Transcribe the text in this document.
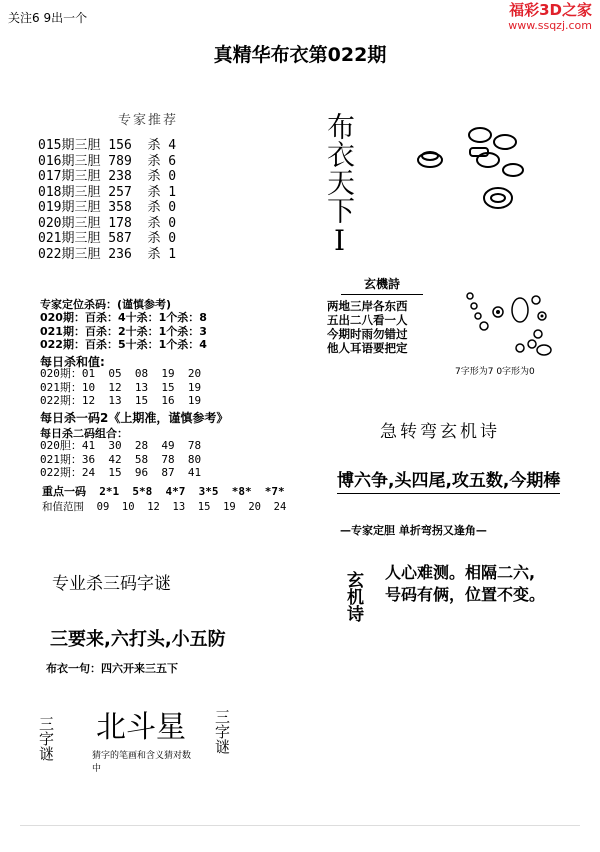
关注6 9出一个	福彩3D之家
www.ssqzj.com
真精华布衣第022期
专家推荐
015期三胆 156  杀 4
016期三胆 789  杀 6
017期三胆 238  杀 0
018期三胆 257  杀 1
019期三胆 358  杀 0
020期三胆 178  杀 0
021期三胆 587  杀 0
022期三胆 236  杀 1
专家定位杀码：(谨慎参考)
020期：百杀：4十杀：1个杀：8
021期：百杀：2十杀：1个杀：3
022期：百杀：5十杀：1个杀：4
每日杀和值:
020期：01  05  08  19  20
021期：10  12  13  15  19
022期：12  13  15  16  19
每日杀一码2《上期准，谨慎参考》
每日杀二码组合：
020胆：41  30  28  49  78
021期：36  42  58  78  80
022期：24  15  96  87  41
重点一码  2*1  5*8  4*7  3*5  *8*  *7*
和值范围  09  10  12  13  15  19  20  24
专业杀三码字谜
三要来,六打头,小五防
布衣一句：四六开来三五下
三字谜 北斗星
猜字的笔画和含义猜对数中
三字谜
布衣天下I
玄機詩
两地三岸各东西
五出二八看一人
今期时雨勿错过
他人耳语要把定
7字形为7 0字形为0
急转弯玄机诗
博六争,头四尾,攻五数,今期棒
—专家定胆 单折弯拐又逢角—
玄机诗	人心难测。相隔二六,
号码有俩，位置不变。
